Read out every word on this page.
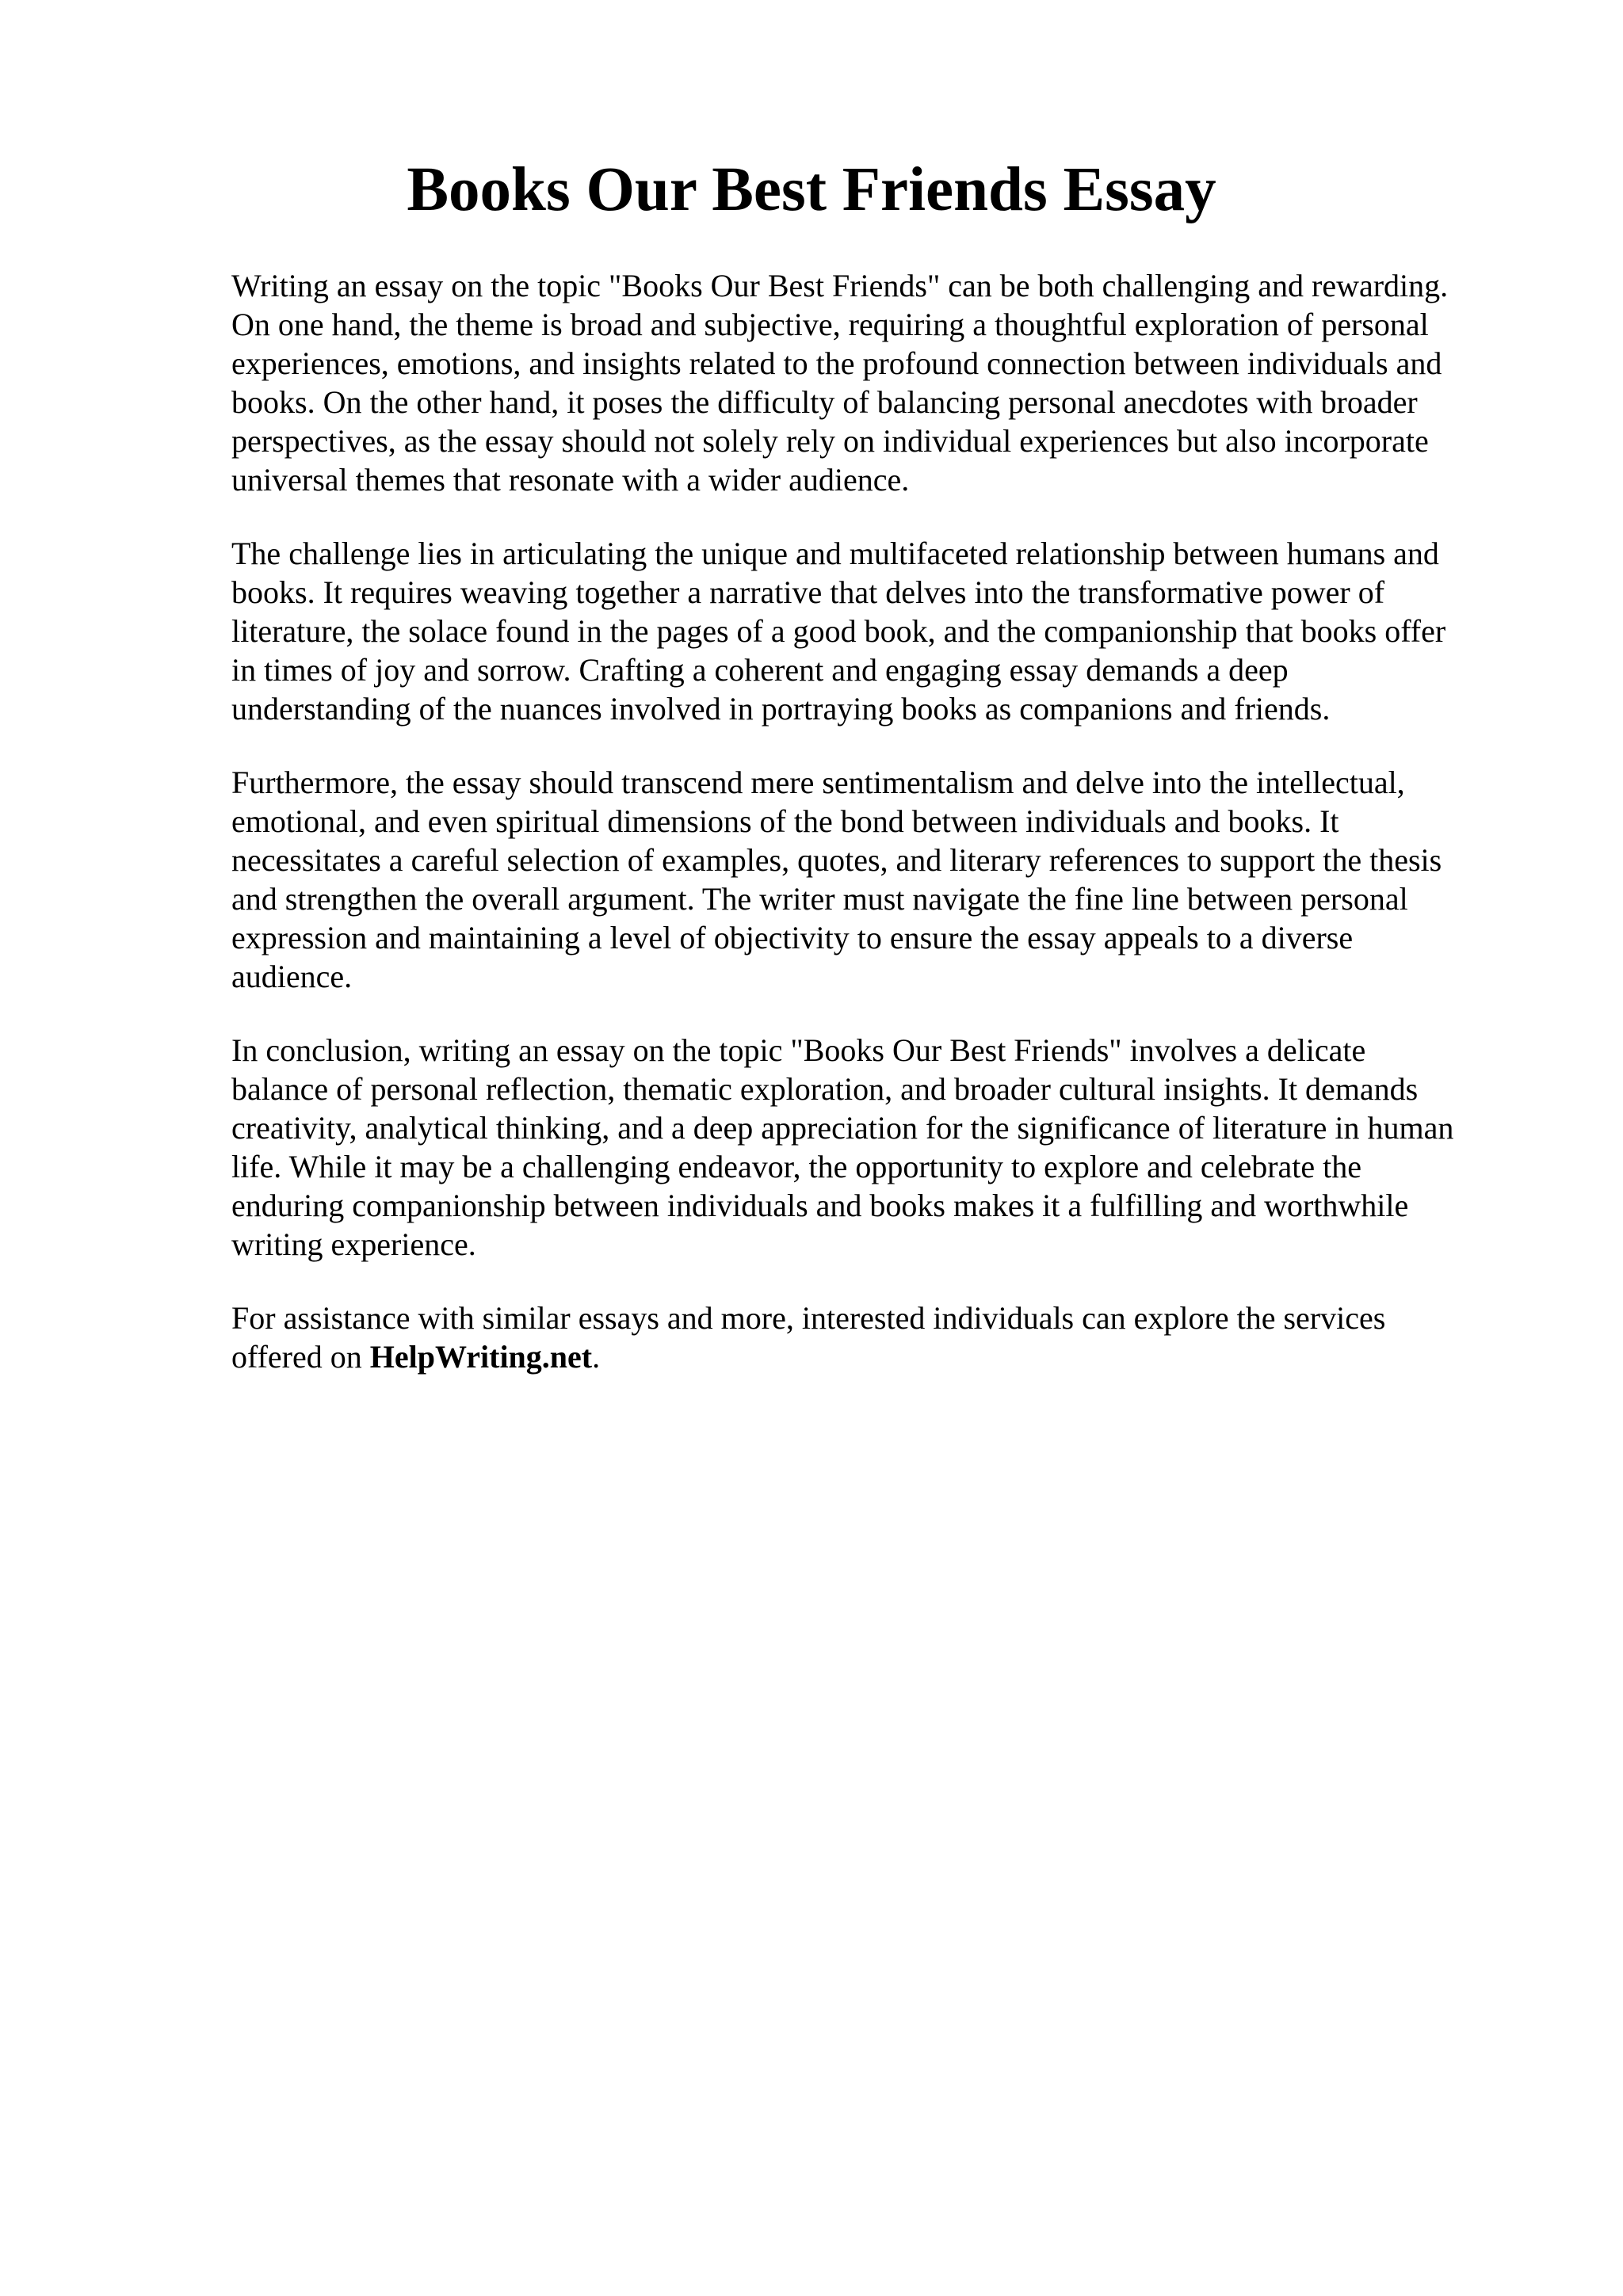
Books Our Best Friends Essay

Writing an essay on the topic "Books Our Best Friends" can be both challenging and rewarding.
On one hand, the theme is broad and subjective, requiring a thoughtful exploration of personal
experiences, emotions, and insights related to the profound connection between individuals and
books. On the other hand, it poses the difficulty of balancing personal anecdotes with broader
perspectives, as the essay should not solely rely on individual experiences but also incorporate
universal themes that resonate with a wider audience.

The challenge lies in articulating the unique and multifaceted relationship between humans and
books. It requires weaving together a narrative that delves into the transformative power of
literature, the solace found in the pages of a good book, and the companionship that books offer
in times of joy and sorrow. Crafting a coherent and engaging essay demands a deep
understanding of the nuances involved in portraying books as companions and friends.

Furthermore, the essay should transcend mere sentimentalism and delve into the intellectual,
emotional, and even spiritual dimensions of the bond between individuals and books. It
necessitates a careful selection of examples, quotes, and literary references to support the thesis
and strengthen the overall argument. The writer must navigate the fine line between personal
expression and maintaining a level of objectivity to ensure the essay appeals to a diverse
audience.

In conclusion, writing an essay on the topic "Books Our Best Friends" involves a delicate
balance of personal reflection, thematic exploration, and broader cultural insights. It demands
creativity, analytical thinking, and a deep appreciation for the significance of literature in human
life. While it may be a challenging endeavor, the opportunity to explore and celebrate the
enduring companionship between individuals and books makes it a fulfilling and worthwhile
writing experience.

For assistance with similar essays and more, interested individuals can explore the services
offered on HelpWriting.net.
